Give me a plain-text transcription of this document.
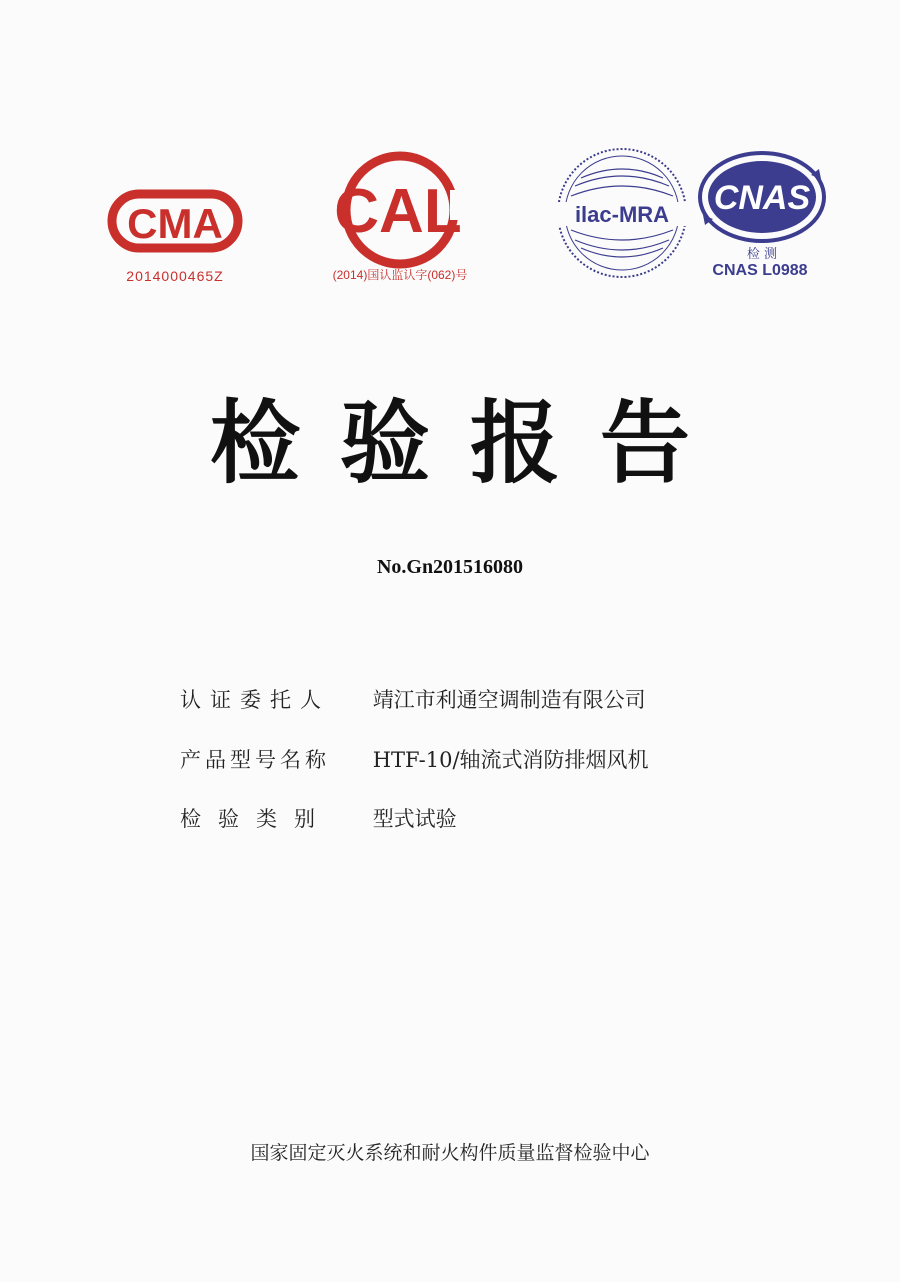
CMA
2014000465Z
CAL
(2014)国认监认字(062)号
ilac-MRA CNAS
检 测
CNAS L0988
检验报告
No.Gn201516080
认证委托人 靖江市利通空调制造有限公司
产品型号名称 HTF-10/轴流式消防排烟风机
检验类别 型式试验
国家固定灭火系统和耐火构件质量监督检验中心
